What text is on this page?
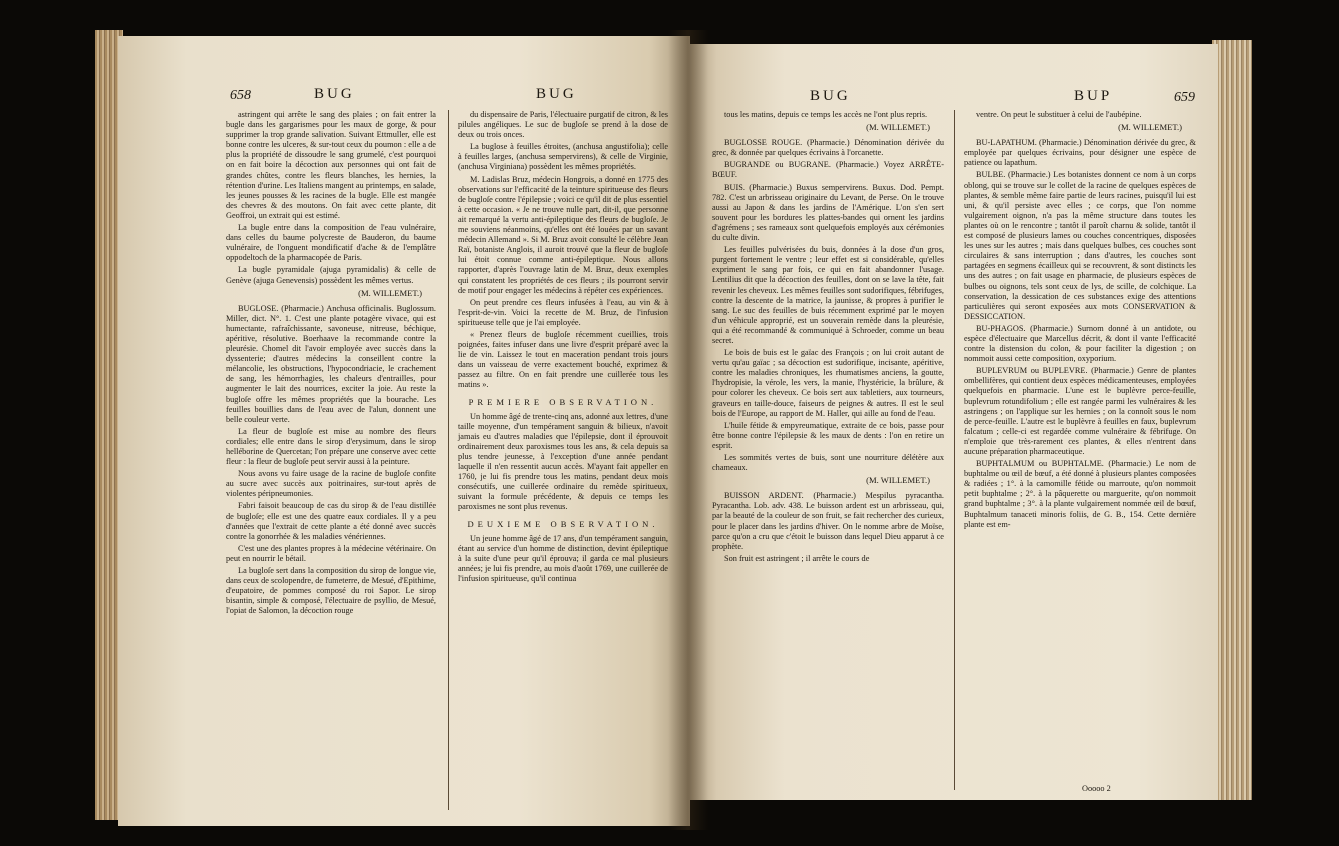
658	BUG	BUG

astringent qui arrête le sang des plaies ; on fait entrer la bugle dans les gargarismes pour les maux de gorge, & pour supprimer la trop grande salivation. Suivant Ettmuller, elle est bonne contre les ulceres, & sur-tout ceux du poumon : elle a de plus la propriété de dissoudre le sang grumelé, c'est pourquoi on en fait boire la décoction aux personnes qui ont fait de grandes chûtes, contre les fleurs blanches, les hernies, la rétention d'urine. Les Italiens mangent au printemps, en salade, les jeunes pousses & les racines de la bugle. Elle est mangée des chevres & des moutons. On fait avec cette plante, dit Geoffroi, un extrait qui est estimé.

La bugle entre dans la composition de l'eau vulnéraire, dans celles du baume polycreste de Bauderon, du baume vulnéraire, de l'onguent mondificatif d'ache & de l'emplâtre oppodeltoch de la pharmacopée de Paris.

La bugle pyramidale (ajuga pyramidalis) & celle de Genève (ajuga Genevensis) possèdent les mêmes vertus.

(M. WILLEMET.)

BUGLOSE. (Pharmacie.) Anchusa officinalis. Buglossum. Miller, dict. N°. 1. C'est une plante potagère vivace, qui est humectante, rafraîchissante, savoneuse, nitreuse, béchique, apéritive, résolutive. Boerhaave la recommande contre la pleurésie. Chomel dit l'avoir employée avec succès dans la dyssenterie; d'autres médecins la conseillent contre la mélancolie, les obstructions, l'hypocondriacie, le crachement de sang, les hémorrhagies, les chaleurs d'entrailles, pour augmenter le lait des nourrices, exciter la joie. Au reste la bugloſe offre les mêmes propriétés que la bourache. Les feuilles bouillies dans de l'eau avec de l'alun, donnent une belle couleur verte.

La fleur de bugloſe est mise au nombre des fleurs cordiales; elle entre dans le sirop d'erysimum, dans le sirop helléborine de Quercetan; l'on prépare une conserve avec cette fleur : la fleur de bugloſe peut servir aussi à la peinture.

Nous avons vu faire usage de la racine de bugloſe confite au sucre avec succès aux poitrinaires, sur-tout après de violentes péripneumonies.

Fabri faisoit beaucoup de cas du sirop & de l'eau distillée de bugloſe; elle est une des quatre eaux cordiales. Il y a peu d'années que l'extrait de cette plante a été donné avec succès contre la gonorrhée & les maladies vénériennes.

C'est une des plantes propres à la médecine vétérinaire. On peut en nourrir le bétail.

La bugloſe sert dans la composition du sirop de longue vie, dans ceux de scolopendre, de fumeterre, de Mesué, d'Epithime, d'eupatoire, de pommes composé du roi Sapor. Le sirop bisantin, simple & composé, l'électuaire de psyllio, de Mesué, l'opiat de Salomon, la décoction rouge

du dispensaire de Paris, l'électuaire purgatif de citron, & les pilules angéliques. Le suc de bugloſe se prend à la dose de deux ou trois onces.

La buglose à feuilles étroites, (anchusa angustifolia); celle à feuilles larges, (anchusa sempervirens), & celle de Virginie, (anchusa Virginiana) possèdent les mêmes propriétés.

M. Ladislas Bruz, médecin Hongrois, a donné en 1775 des observations sur l'efficacité de la teinture spiritueuse des fleurs de bugloſe contre l'épilepsie ; voici ce qu'il dit de plus essentiel à cette occasion. « Je ne trouve nulle part, dit-il, que personne ait remarqué la vertu anti-épileptique des fleurs de bugloſe. Je me souviens néanmoins, qu'elles ont été louées par un savant médecin Allemand ». Si M. Bruz avoit consulté le célèbre Jean Raï, botaniste Anglois, il auroit trouvé que la fleur de bugloſe lui étoit connue comme anti-épileptique. Nous allons rapporter, d'après l'ouvrage latin de M. Bruz, deux exemples qui constatent les propriétés de ces fleurs ; ils pourront servir de motif pour engager les médecins à répéter ces expériences.

On peut prendre ces fleurs infusées à l'eau, au vin & à l'esprit-de-vin. Voici la recette de M. Bruz, de l'infusion spiritueuse telle que je l'ai employée.

« Prenez fleurs de bugloſe récemment cueillies, trois poignées, faites infuser dans une livre d'esprit préparé avec la lie de vin. Laissez le tout en maceration pendant trois jours dans un vaisseau de verre exactement bouché, exprimez & passez au filtre. On en fait prendre une cuillerée tous les matins ».

PREMIERE OBSERVATION.

Un homme âgé de trente-cinq ans, adonné aux lettres, d'une taille moyenne, d'un tempérament sanguin & bilieux, n'avoit jamais eu d'autres maladies que l'épilepsie, dont il éprouvoit ordinairement deux paroxismes tous les ans, & cela depuis sa plus tendre jeunesse, à l'exception d'une année pendant laquelle il n'en ressentit aucun accès. M'ayant fait appeller en 1760, je lui fis prendre tous les matins, pendant deux mois consécutifs, une cuillerée ordinaire du remède spiritueux, suivant la formule précédente, & depuis ce temps les paroxismes ne sont plus revenus.

DEUXIEME OBSERVATION.

Un jeune homme âgé de 17 ans, d'un tempérament sanguin, étant au service d'un homme de distinction, devint épileptique à la suite d'une peur qu'il éprouva; il garda ce mal plusieurs années; je lui fis prendre, au mois d'août 1769, une cuillerée de l'infusion spiritueuse, qu'il continua

BUG	BUP	659

tous les matins, depuis ce temps les accès ne l'ont plus repris.

(M. WILLEMET.)

BUGLOSSE ROUGE. (Pharmacie.) Dénomination dérivée du grec, & donnée par quelques écrivains à l'orcanette.

BUGRANDE ou BUGRANE. (Pharmacie.) Voyez ARRÊTE-BŒUF.

BUIS. (Pharmacie.) Buxus sempervirens. Buxus. Dod. Pempt. 782. C'est un arbrisseau originaire du Levant, de Perse. On le trouve aussi au Japon & dans les jardins de l'Amérique. L'on s'en sert souvent pour les bordures les plattes-bandes qui ornent les jardins d'agrémens ; ses rameaux sont quelquefois employés aux cérémonies du culte divin.

Les feuilles pulvérisées du buis, données à la dose d'un gros, purgent fortement le ventre ; leur effet est si considérable, qu'elles expriment le sang par fois, ce qui en fait abandonner l'usage. Lentilius dit que la décoction des feuilles, dont on se lave la tête, fait revenir les cheveux. Les mêmes feuilles sont sudorifiques, fébrifuges, contre la descente de la matrice, la jaunisse, & propres à purifier le sang. Le suc des feuilles de buis récemment exprimé par le moyen d'un véhicule approprié, est un souverain remède dans la pleurésie, qui a été recommandé & communiqué à Schroeder, comme un beau secret.

Le bois de buis est le gaïac des François ; on lui croit autant de vertu qu'au gaïac ; sa décoction est sudorifique, incisante, apéritive, contre les maladies chroniques, les rhumatismes anciens, la goutte, l'hydropisie, la vérole, les vers, la manie, l'hystéricie, la brûlure, & pour colorer les cheveux. Ce bois sert aux tabletiers, aux tourneurs, graveurs en taille-douce, faiseurs de peignes & autres. Il est le seul bois de l'Europe, au rapport de M. Haller, qui aille au fond de l'eau.

L'huile fétide & empyreumatique, extraite de ce bois, passe pour être bonne contre l'épilepsie & les maux de dents : l'on en retire un esprit.

Les sommités vertes de buis, sont une nourriture délétère aux chameaux.

(M. WILLEMET.)

BUISSON ARDENT. (Pharmacie.) Mespilus pyracantha. Pyracantha. Lob. adv. 438. Le buisson ardent est un arbrisseau, qui, par la beauté de la couleur de son fruit, se fait rechercher des curieux, pour le placer dans les jardins d'hiver. On le nomme arbre de Moïse, parce qu'on a cru que c'étoit le buisson dans lequel Dieu apparut à ce prophète.

Son fruit est astringent ; il arrête le cours de

ventre. On peut le substituer à celui de l'aubépine.

(M. WILLEMET.)

BU-LAPATHUM. (Pharmacie.) Dénomination dérivée du grec, & employée par quelques écrivains, pour désigner une espèce de patience ou lapathum.

BULBE. (Pharmacie.) Les botanistes donnent ce nom à un corps oblong, qui se trouve sur le collet de la racine de quelques espèces de plantes, & semble même faire partie de leurs racines, puisqu'il lui est uni, & qu'il persiste avec elles ; ce corps, que l'on nomme vulgairement oignon, n'a pas la même structure dans toutes les plantes où on le rencontre ; tantôt il paroît charnu & solide, tantôt il est composé de plusieurs lames ou couches concentriques, disposées les unes sur les autres ; mais dans quelques bulbes, ces couches sont circulaires & sans interruption ; dans d'autres, les couches sont partagées en segmens écailleux qui se recouvrent, & sont distincts les uns des autres ; on fait usage en pharmacie, de plusieurs espèces de bulbes ou oignons, tels sont ceux de lys, de scille, de colchique. La conservation, la dessication de ces substances exige des attentions particulières qui seront exposées aux mots CONSERVATION & DESSICCATION.

BU-PHAGOS. (Pharmacie.) Surnom donné à un antidote, ou espèce d'électuaire que Marcellus décrit, & dont il vante l'efficacité contre la distension du colon, & pour faciliter la digestion ; on nommoit aussi cette composition, oxyporium.

BUPLEVRUM ou BUPLEVRE. (Pharmacie.) Genre de plantes ombellifères, qui contient deux espèces médicamenteuses, employées quelquefois en pharmacie. L'une est le buplèvre perce-feuille, buplevrum rotundifolium ; elle est rangée parmi les vulnéraires & les astringens ; on l'applique sur les hernies ; on la connoît sous le nom de perce-feuille. L'autre est le buplèvre à feuilles en faux, buplevrum falcatum ; celle-ci est regardée comme vulnéraire & fébrifuge. On n'emploie que très-rarement ces plantes, & elles n'entrent dans aucune préparation pharmaceutique.

BUPHTALMUM ou BUPHTALME. (Pharmacie.) Le nom de buphtalme ou œil de bœuf, a été donné à plusieurs plantes composées & radiées ; 1°. à la camomille fétide ou marroute, qu'on nommoit petit buphtalme ; 2°. à la pâquerette ou marguerite, qu'on nommoit grand buphtalme ; 3°. à la plante vulgairement nommée œil de bœuf, Buphtalmum tanaceti minoris foliis, de G. B., 154. Cette dernière plante est em-

Ooooo 2
